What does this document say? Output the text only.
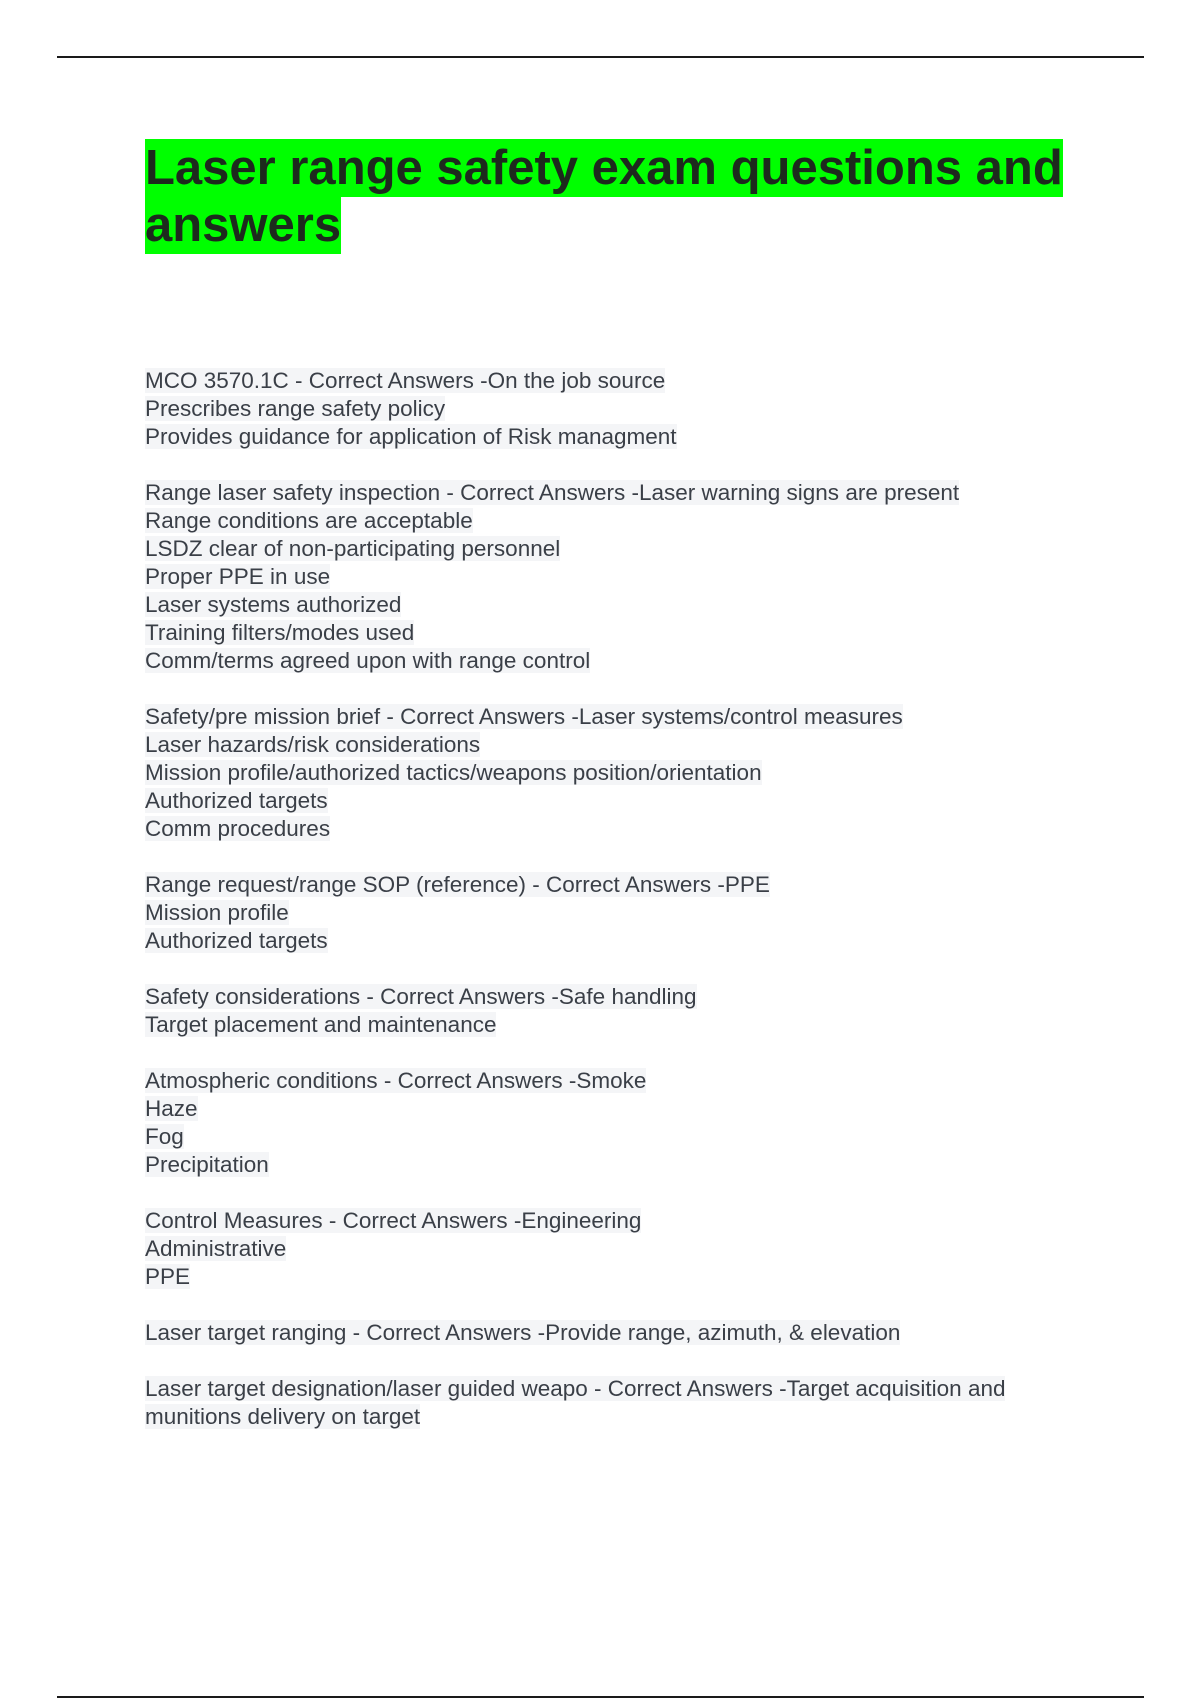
Laser range safety exam questions and answers
MCO 3570.1C - Correct Answers -On the job source
Prescribes range safety policy
Provides guidance for application of Risk managment
Range laser safety inspection - Correct Answers -Laser warning signs are present
Range conditions are acceptable
LSDZ clear of non-participating personnel
Proper PPE in use
Laser systems authorized
Training filters/modes used
Comm/terms agreed upon with range control
Safety/pre mission brief - Correct Answers -Laser systems/control measures
Laser hazards/risk considerations
Mission profile/authorized tactics/weapons position/orientation
Authorized targets
Comm procedures
Range request/range SOP (reference) - Correct Answers -PPE
Mission profile
Authorized targets
Safety considerations - Correct Answers -Safe handling
Target placement and maintenance
Atmospheric conditions - Correct Answers -Smoke
Haze
Fog
Precipitation
Control Measures - Correct Answers -Engineering
Administrative
PPE
Laser target ranging - Correct Answers -Provide range, azimuth, & elevation
Laser target designation/laser guided weapo - Correct Answers -Target acquisition and
munitions delivery on target
